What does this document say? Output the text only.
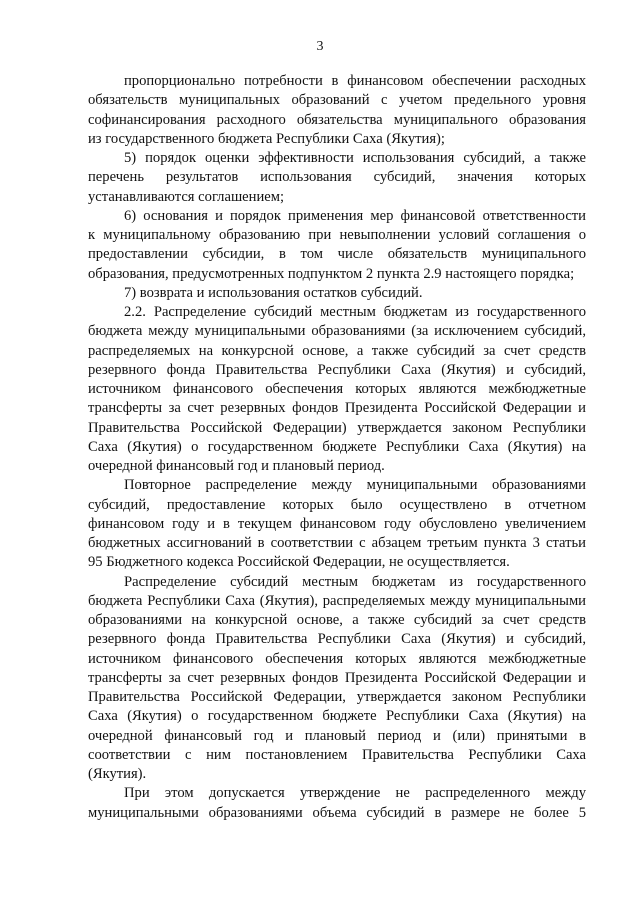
3
пропорционально потребности в финансовом обеспечении расходных
обязательств муниципальных образований с учетом предельного уровня
софинансирования расходного обязательства муниципального образования
из государственного бюджета Республики Саха (Якутия);
5) порядок оценки эффективности использования субсидий, а также
перечень результатов использования субсидий, значения которых
устанавливаются соглашением;
6) основания и порядок применения мер финансовой ответственности
к муниципальному образованию при невыполнении условий соглашения о
предоставлении субсидии, в том числе обязательств муниципального
образования, предусмотренных подпунктом 2 пункта 2.9 настоящего порядка;
7) возврата и использования остатков субсидий.
2.2. Распределение субсидий местным бюджетам из государственного
бюджета между муниципальными образованиями (за исключением субсидий,
распределяемых на конкурсной основе, а также субсидий за счет средств
резервного фонда Правительства Республики Саха (Якутия) и субсидий,
источником финансового обеспечения которых являются межбюджетные
трансферты за счет резервных фондов Президента Российской Федерации и
Правительства Российской Федерации) утверждается законом Республики
Саха (Якутия) о государственном бюджете Республики Саха (Якутия) на
очередной финансовый год и плановый период.
Повторное распределение между муниципальными образованиями
субсидий, предоставление которых было осуществлено в отчетном
финансовом году и в текущем финансовом году обусловлено увеличением
бюджетных ассигнований в соответствии с абзацем третьим пункта 3 статьи
95 Бюджетного кодекса Российской Федерации, не осуществляется.
Распределение субсидий местным бюджетам из государственного
бюджета Республики Саха (Якутия), распределяемых между муниципальными
образованиями на конкурсной основе, а также субсидий за счет средств
резервного фонда Правительства Республики Саха (Якутия) и субсидий,
источником финансового обеспечения которых являются межбюджетные
трансферты за счет резервных фондов Президента Российской Федерации и
Правительства Российской Федерации, утверждается законом Республики
Саха (Якутия) о государственном бюджете Республики Саха (Якутия) на
очередной финансовый год и плановый период и (или) принятыми в
соответствии с ним постановлением Правительства Республики Саха
(Якутия).
При этом допускается утверждение не распределенного между
муниципальными образованиями объема субсидий в размере не более 5
